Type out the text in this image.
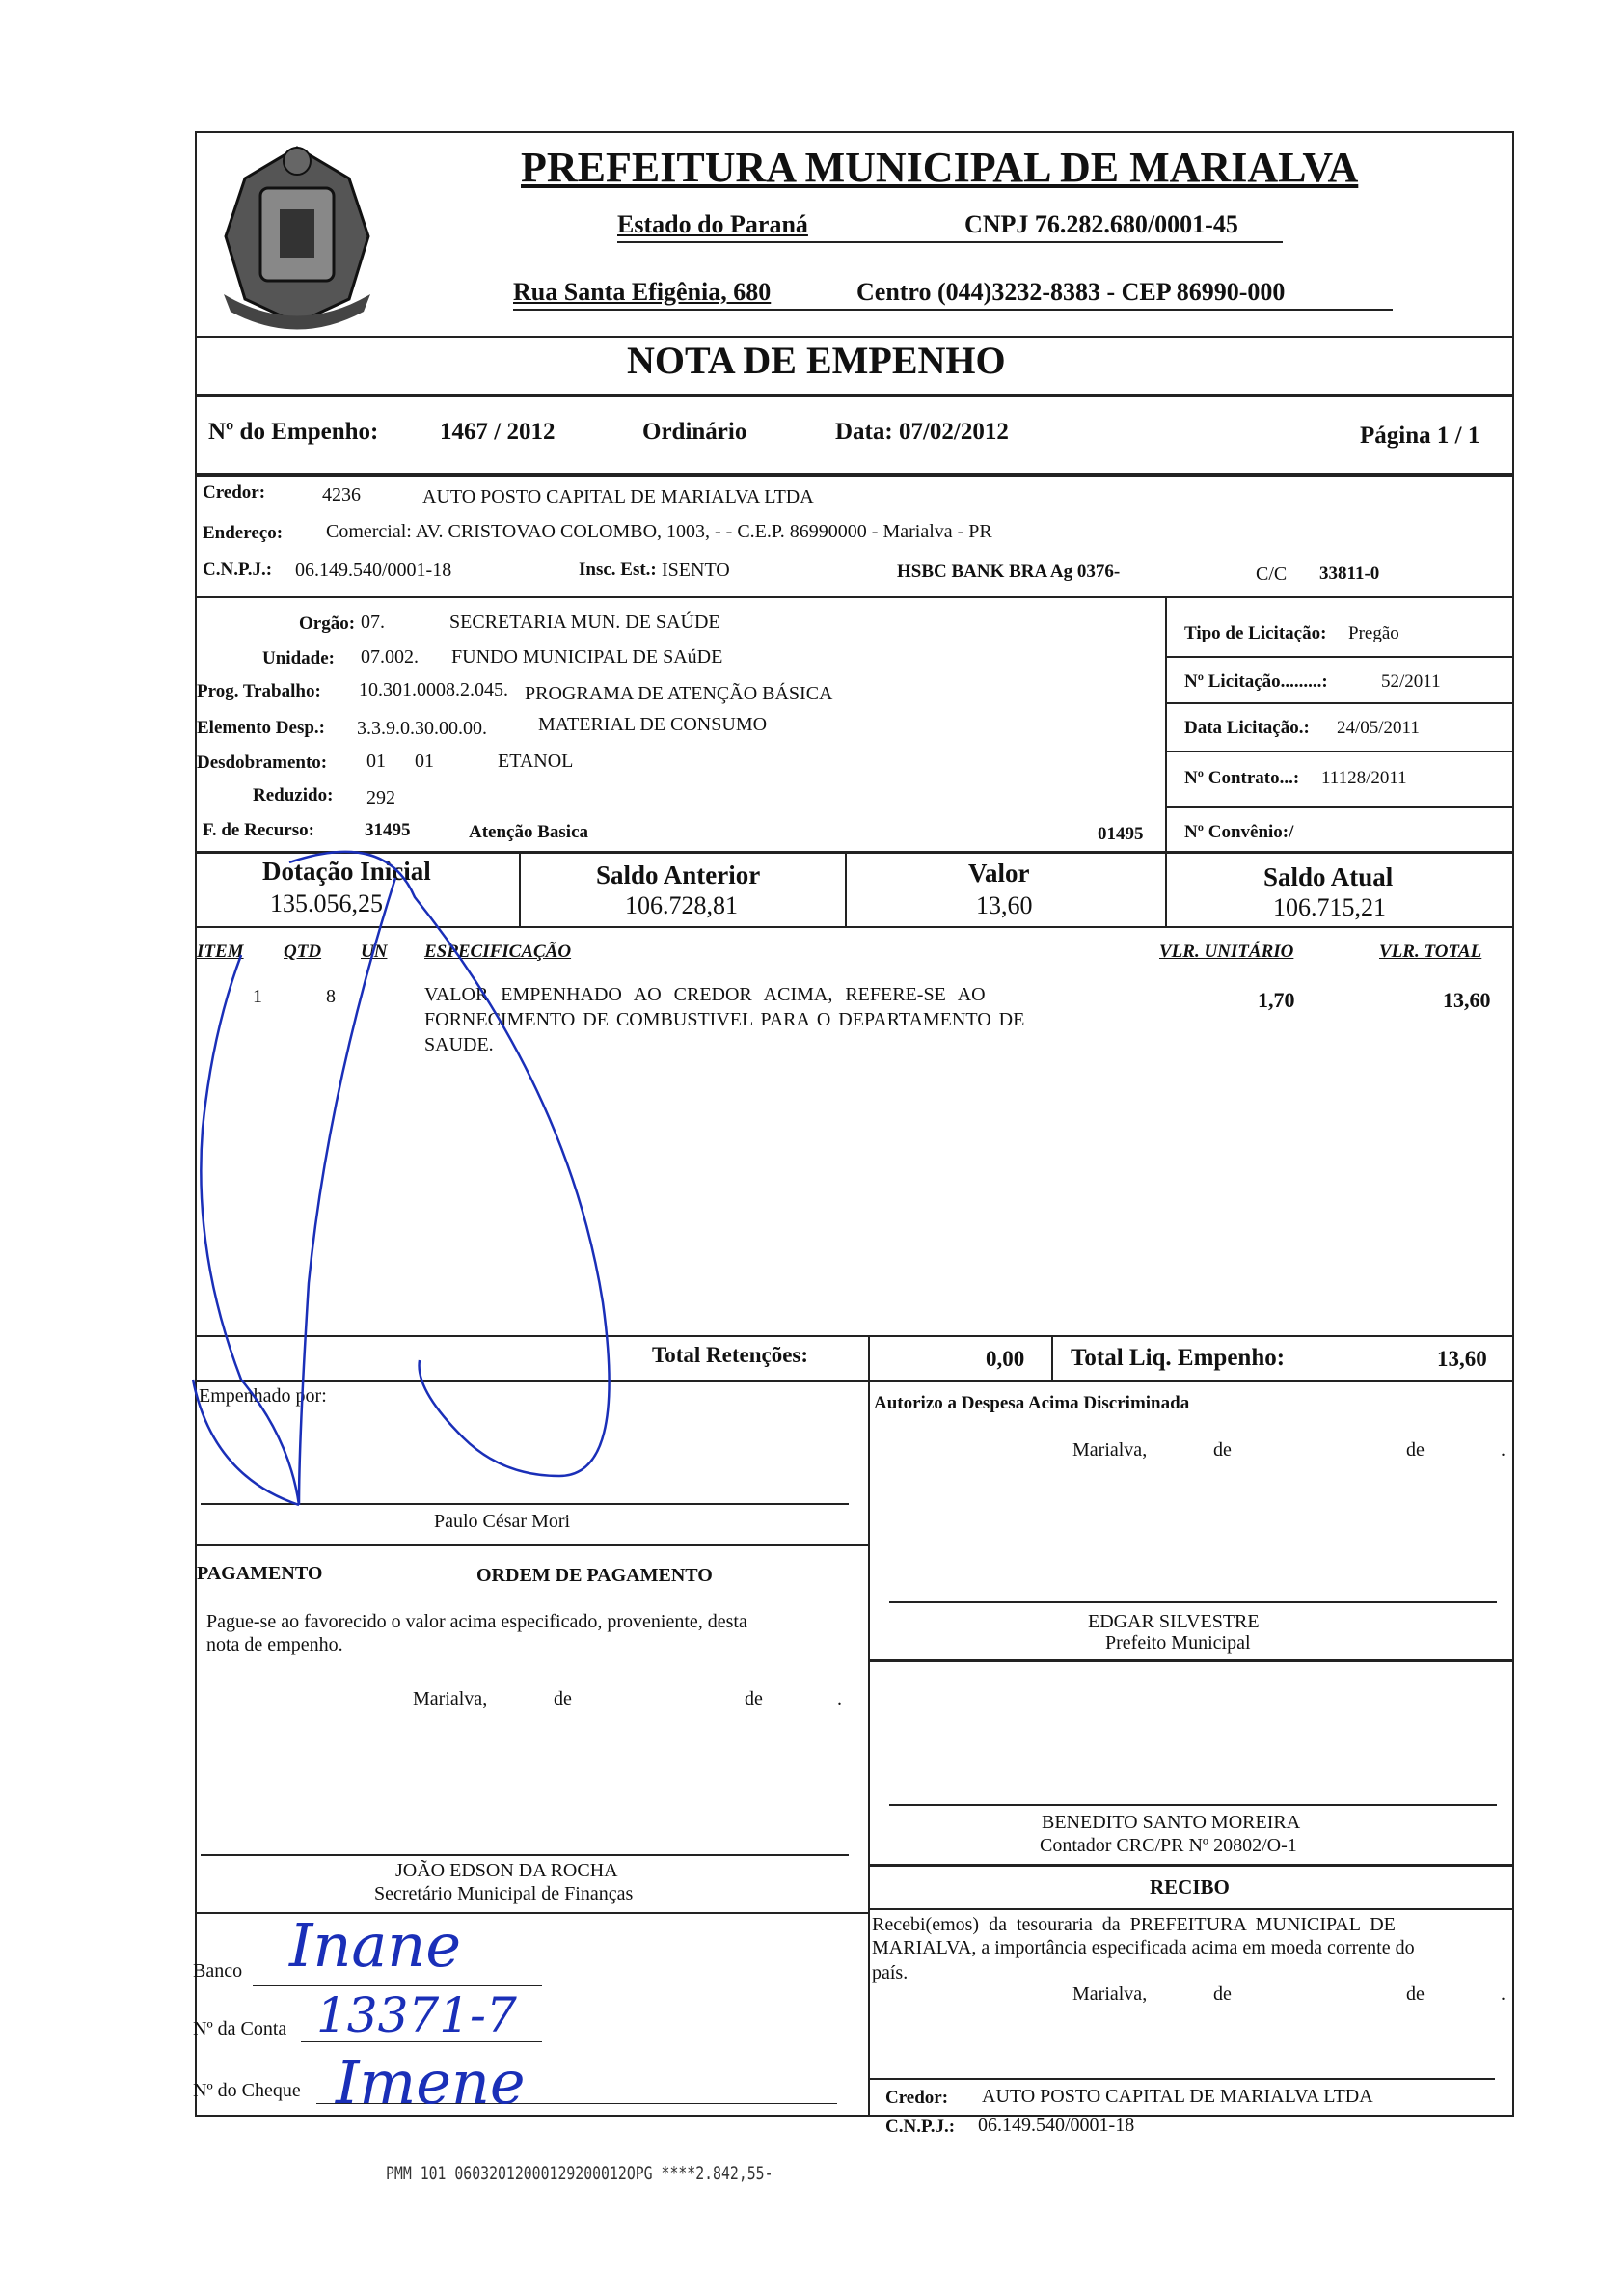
PREFEITURA MUNICIPAL DE MARIALVA
Estado do Paraná	CNPJ 76.282.680/0001-45
Rua Santa Efigênia, 680	Centro (044)3232-8383 - CEP 86990-000
NOTA DE EMPENHO
Nº do Empenho:	1467 / 2012	Ordinário	Data: 07/02/2012	Página 1 / 1
Credor:	4236	AUTO POSTO CAPITAL DE MARIALVA LTDA
Endereço: Comercial: AV. CRISTOVAO COLOMBO, 1003, - - C.E.P. 86990000 - Marialva - PR
C.N.P.J.: 06.149.540/0001-18	Insc. Est.: ISENTO	HSBC BANK BRA Ag 0376-	C/C 33811-0
Orgão: 07.	SECRETARIA MUN. DE SAÚDE
Unidade: 07.002. FUNDO MUNICIPAL DE SAúDE
Prog. Trabalho: 10.301.0008.2.045. PROGRAMA DE ATENÇÃO BÁSICA
Elemento Desp.: 3.3.9.0.30.00.00.	MATERIAL DE CONSUMO
Desdobramento: 01      01	ETANOL
Reduzido: 292
F. de Recurso:	31495	Atenção Basica	01495
Tipo de Licitação: Pregão
Nº Licitação.........:	52/2011
Data Licitação.: 24/05/2011
Nº Contrato...: 11128/2011
Nº Convênio:/
Dotação Inicial
135.056,25
Saldo Anterior
106.728,81
Valor
13,60
Saldo Atual
106.715,21
ITEM QTD UN ESPECIFICAÇÃO	VLR. UNITÁRIO	VLR. TOTAL
1	8	VALOR EMPENHADO AO CREDOR ACIMA, REFERE-SE AO
FORNECIMENTO DE COMBUSTIVEL PARA O DEPARTAMENTO DE
SAUDE.
1,70	13,60
Total Retenções:	0,00 Total Liq. Empenho:	13,60
Empenhado por:
Paulo César Mori
Autorizo a Despesa Acima Discriminada
Marialva,	de	de	.
PAGAMENTO	ORDEM DE PAGAMENTO
Pague-se ao favorecido o valor acima especificado, proveniente, desta
nota de empenho.
Marialva,	de	de	.
EDGAR SILVESTRE
Prefeito Municipal
BENEDITO SANTO MOREIRA
Contador CRC/PR Nº 20802/O-1
JOÃO EDSON DA ROCHA
Secretário Municipal de Finanças	RECIBO
Recebi(emos)  da  tesouraria  da  PREFEITURA  MUNICIPAL  DE
MARIALVA, a importância especificada acima em moeda corrente do
país.
Marialva,	de	de	.
Banco
Nº da Conta
Nº do Cheque
Inane
13371-7
Imene	Credor: AUTO POSTO CAPITAL DE MARIALVA LTDA
C.N.P.J.: 06.149.540/0001-18
PMM 101 06032012000129200012OPG ****2.842,55-
